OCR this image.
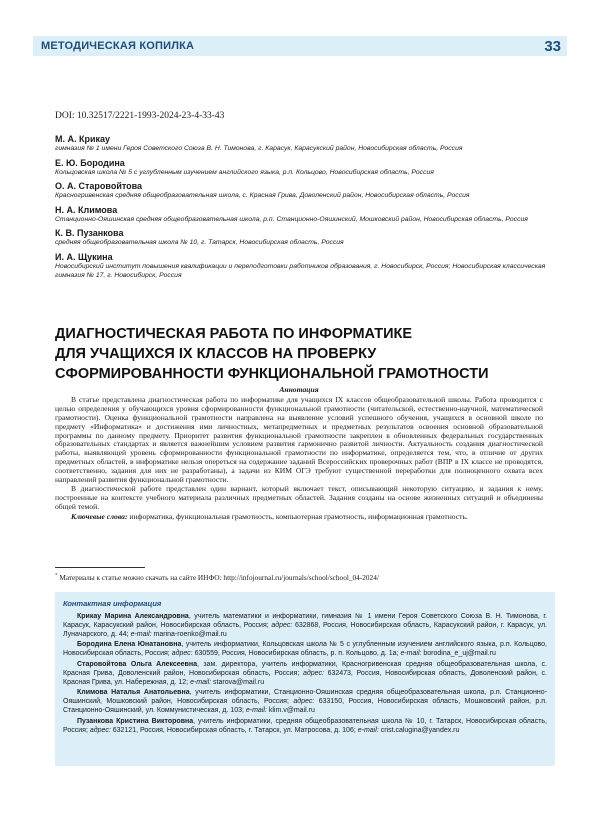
МЕТОДИЧЕСКАЯ КОПИЛКА	33
DOI: 10.32517/2221-1993-2024-23-4-33-43
М. А. Крикау
гимназия № 1 имени Героя Советского Союза В. Н. Тимонова, г. Карасук, Карасукский район, Новосибирская область, Россия
Е. Ю. Бородина
Кольцовская школа № 5 с углубленным изучением английского языка, р.п. Кольцово, Новосибирская область, Россия
О. А. Старовойтова
Красногривенская средняя общеобразовательная школа, с. Красная Грива, Доволенский район, Новосибирская область, Россия
Н. А. Климова
Станционно-Ояшинская средняя общеобразовательная школа, р.п. Станционно-Ояшинский, Мошковский район, Новосибирская область, Россия
К. В. Пузанкова
средняя общеобразовательная школа № 10, г. Татарск, Новосибирская область, Россия
И. А. Щукина
Новосибирский институт повышения квалификации и переподготовки работников образования, г. Новосибирск, Россия; Новосибирская классическая гимназия № 17, г. Новосибирск, Россия
ДИАГНОСТИЧЕСКАЯ РАБОТА ПО ИНФОРМАТИКЕ
ДЛЯ УЧАЩИХСЯ IX КЛАССОВ НА ПРОВЕРКУ
СФОРМИРОВАННОСТИ ФУНКЦИОНАЛЬНОЙ ГРАМОТНОСТИ
Аннотация

В статье представлена диагностическая работа по информатике для учащихся IX классов общеобразовательной школы. Работа проводится с целью определения у обучающихся уровня сформированности функциональной грамотности (читательской, естественно-научной, математической грамотности). Оценка функциональной грамотности направлена на выявление условий успешного обучения, учащихся в основной школе по предмету «Информатика» и достижения ими личностных, метапредметных и предметных результатов освоения основной образовательной программы по данному предмету. Приоритет развития функциональной грамотности закреплен в обновленных федеральных государственных образовательных стандартах и является важнейшим условием развития гармонично развитой личности. Актуальность создания диагностической работы, выявляющей уровень сформированности функциональной грамотности по информатике, определяется тем, что, в отличие от других предметных областей, в информатике нельзя опереться на содержание заданий Всероссийских проверочных работ (ВПР в IX классе не проводятся, соответственно, задания для них не разработаны), а задачи из КИМ ОГЭ требуют существенной переработки для полноценного охвата всех направлений развития функциональной грамотности.

В диагностической работе представлен один вариант, который включает текст, описывающий некоторую ситуацию, и задания к нему, построенные на контексте учебного материала различных предметных областей. Задания созданы на основе жизненных ситуаций и объединены общей темой.

Ключевые слова: информатика, функциональная грамотность, компьютерная грамотность, информационная грамотность.

* Материалы к статье можно скачать на сайте ИНФО: http://infojournal.ru/journals/school/school_04-2024/
Контактная информация
Крикау Марина Александровна, учитель математики и информатики, гимназия № 1 имени Героя Советского Союза В. Н. Тимонова, г. Карасук, Карасукский район, Новосибирская область, Россия; адрес: 632868, Россия, Новосибирская область, Карасукский район, г. Карасук, ул. Луначарского, д. 44; e-mail: marina-roenko@mail.ru
Бородина Елена Юнатановна, учитель информатики, Кольцовская школа № 5 с углубленным изучением английского языка, р.п. Кольцово, Новосибирская область, Россия; адрес: 630559, Россия, Новосибирская область, р. п. Кольцово, д. 1а; e-mail: borodina_e_uj@mail.ru
Старовойтова Ольга Алексеевна, зам. директора, учитель информатики, Красногривенская средняя общеобразовательная школа, с. Красная Грива, Доволенский район, Новосибирская область, Россия; адрес: 632473, Россия, Новосибирская область, Доволенский район, с. Красная Грива, ул. Набережная, д. 12; e-mail: starova@mail.ru
Климова Наталья Анатольевна, учитель информатики, Станционно-Ояшинская средняя общеобразовательная школа, р.п. Станционно-Ояшинский, Мошковский район, Новосибирская область, Россия; адрес: 633150, Россия, Новосибирская область, Мошковский район, р.п. Станционно-Ояшинский, ул. Коммунистическая, д. 103; e-mail: klim.v@mail.ru
Пузанкова Кристина Викторовна, учитель информатики, средняя общеобразовательная школа № 10, г. Татарск, Новосибирская область, Россия; адрес: 632121, Россия, Новосибирская область, г. Татарск, ул. Матросова, д. 106; e-mail: crist.calugina@yandex.ru
